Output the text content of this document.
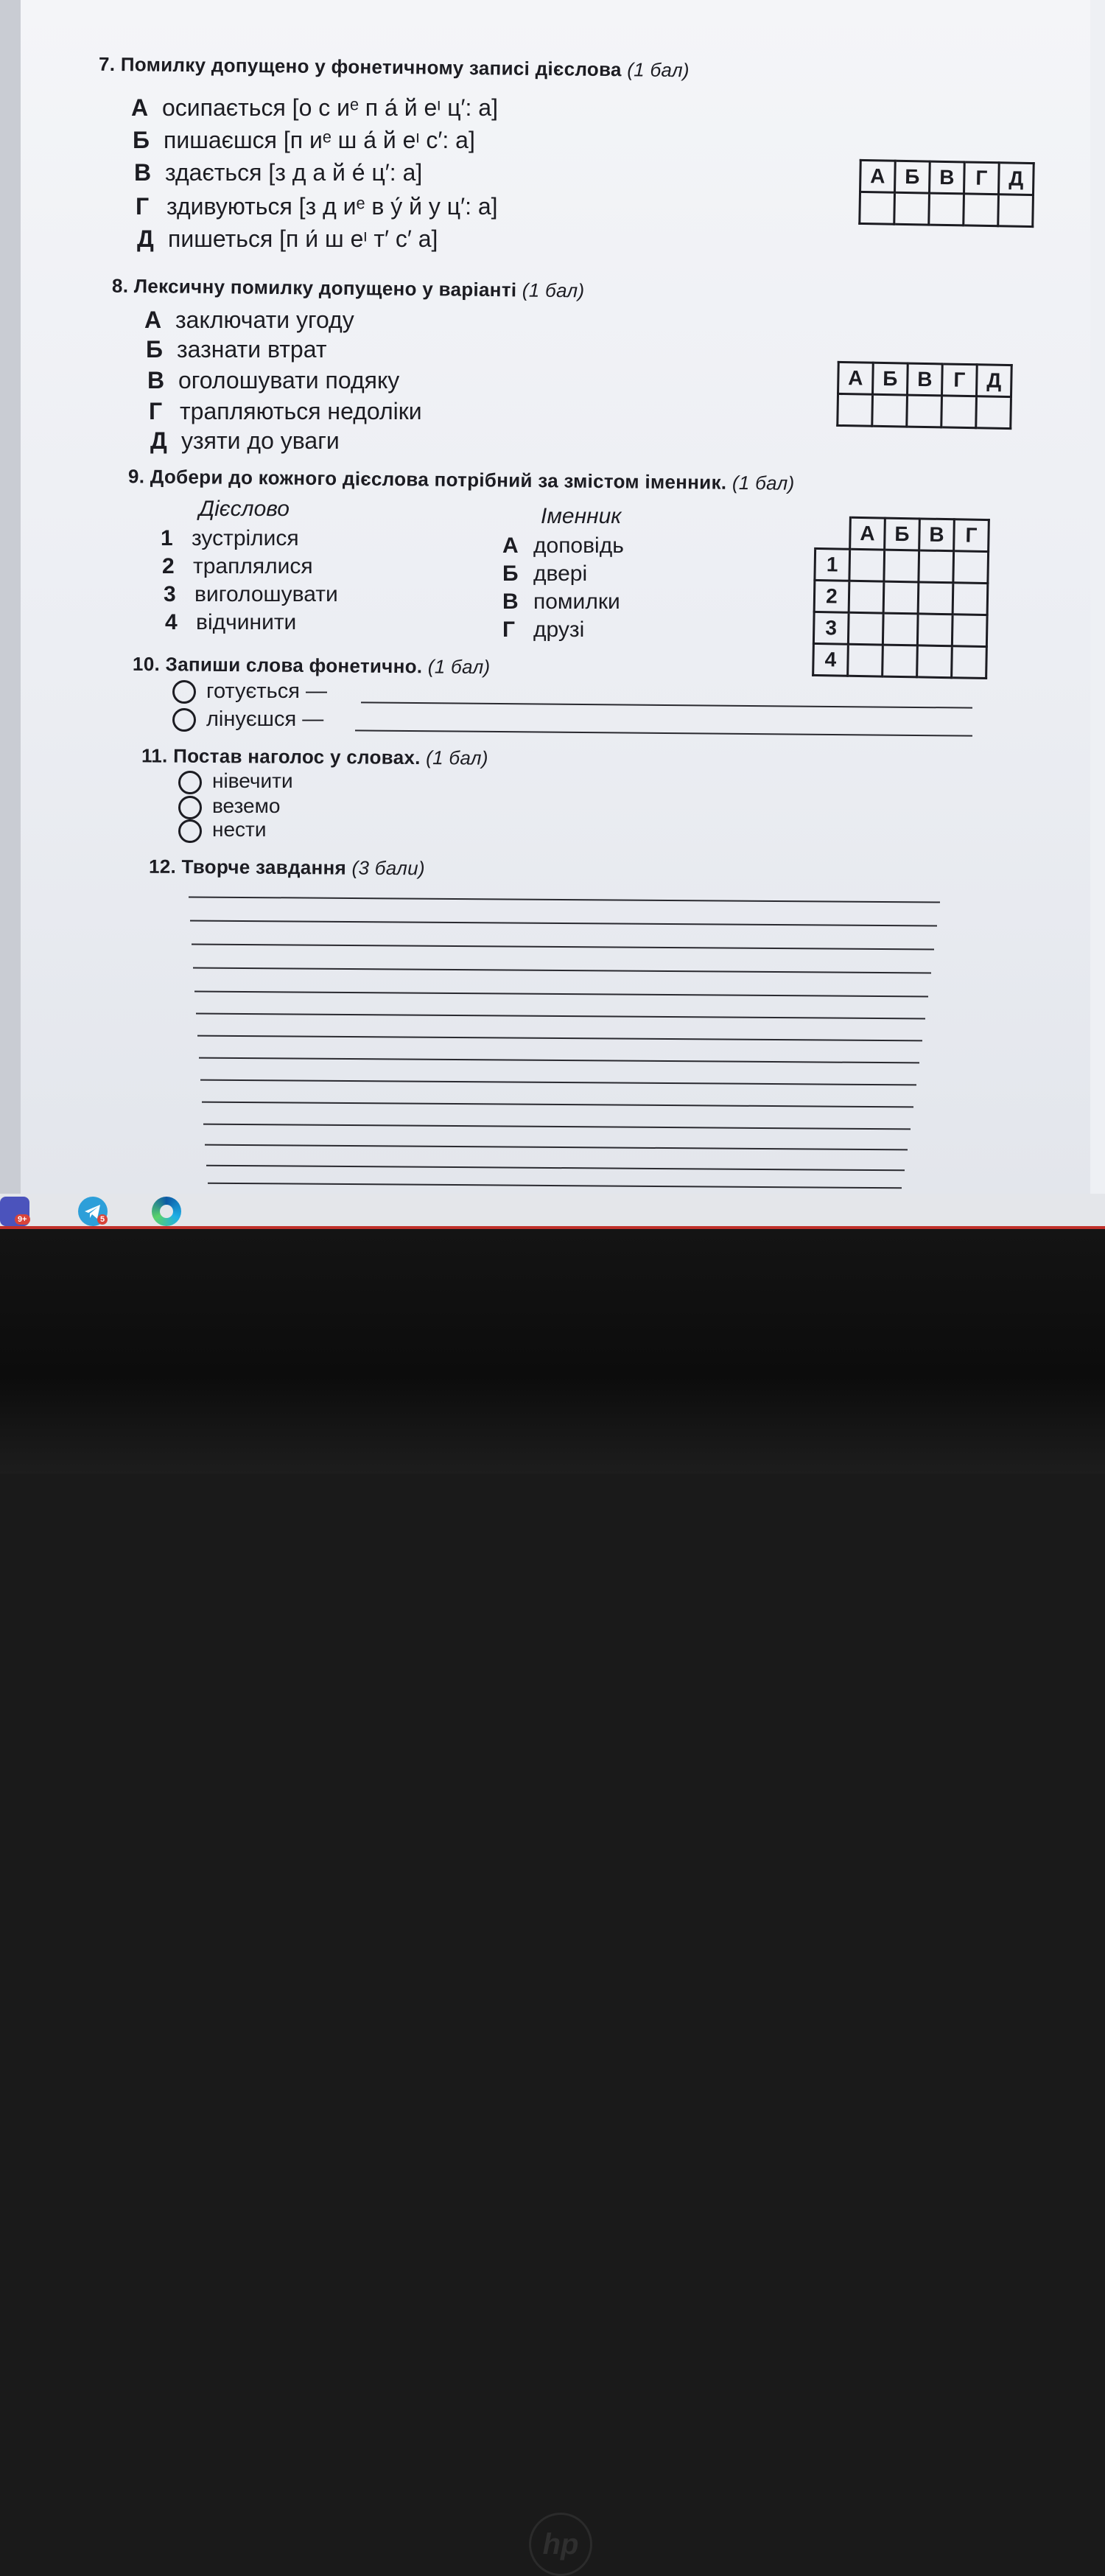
7. Помилку допущено у фонетичному записі дієслова (1 бал)
А осипається [о с иᵉ п а́ й еᶦ ц′: а]
Б пишаєшся [п иᵉ ш а́ й еᶦ с′: а]
В здається [з д а й е́ ц′: а]
Г здивуються [з д иᵉ в у́ й у ц′: а]
Д пишеться [п и́ ш еᶦ т′ с′ а]
А	Б	В	Г	Д

8. Лексичну помилку допущено у варіанті (1 бал)
А заключати угоду
Б зазнати втрат
В оголошувати подяку
Г трапляються недоліки
Д узяти до уваги
А	Б	В	Г	Д

9. Добери до кожного дієслова потрібний за змістом іменник. (1 бал)
Дієслово	Іменник
1 зустрілися
2 траплялися
3 виголошувати
4 відчинити
А доповідь
Б двері
В помилки
Г друзі
	А	Б	В	Г
1				
2				
3				
4				
10. Запиши слова фонетично. (1 бал)
готується —
лінуєшся —
11. Постав наголос у словах. (1 бал)
нівечити
веземо
нести
12. Творче завдання (3 бали)
9+	5
hp
